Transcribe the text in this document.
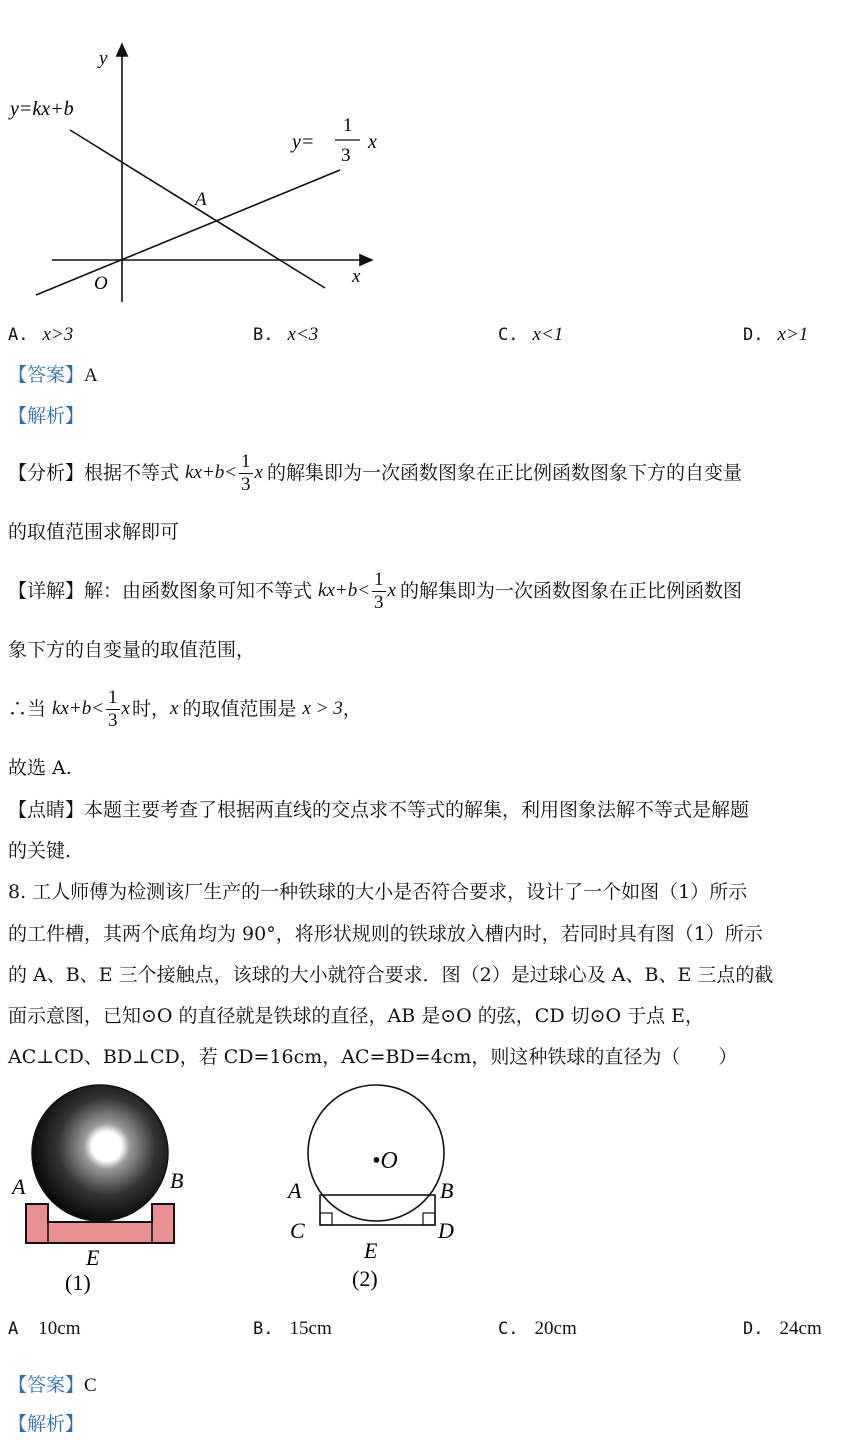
y
x
y=kx+b
y=
1
3
x
A
O
A. x>3	B. x<3	C. x<1	D. x>1
【答案】A
【解析】
【分析】 根据不等式 $kx+b< \frac{1}{3}$ x 的解集即为一次函数图象在正比例函数图象下方的自变量
的取值范围求解即可
【详解】 解：由函数图象可知不等式 $kx+b< \frac{1}{3}$ x 的解集即为一次函数图象在正比例函数图
象下方的自变量的取值范围，
∴当 $kx+b< \frac{1}{3}$ x 时， x 的取值范围是 x > 3 ，
故选 A.
【点睛】本题主要考查了根据两直线的交点求不等式的解集，利用图象法解不等式是解题
的关键.
8. 工人师傅为检测该厂生产的一种铁球的大小是否符合要求，设计了一个如图（1）所示
的工件槽，其两个底角均为 90°，将形状规则的铁球放入槽内时，若同时具有图（1）所示
的 A、B、E 三个接触点，该球的大小就符合要求．图（2）是过球心及 A、B、E 三点的截
面示意图，已知⊙O 的直径就是铁球的直径，AB 是⊙O 的弦，CD 切⊙O 于点 E，
AC⊥CD、BD⊥CD，若 CD=16cm，AC=BD=4cm，则这种铁球的直径为（　　）
A	B
E
(1)
•O
A	B
C	D
E
(2)
A 10cm	B. 15cm	C. 20cm	D. 24cm
【答案】C
【解析】
